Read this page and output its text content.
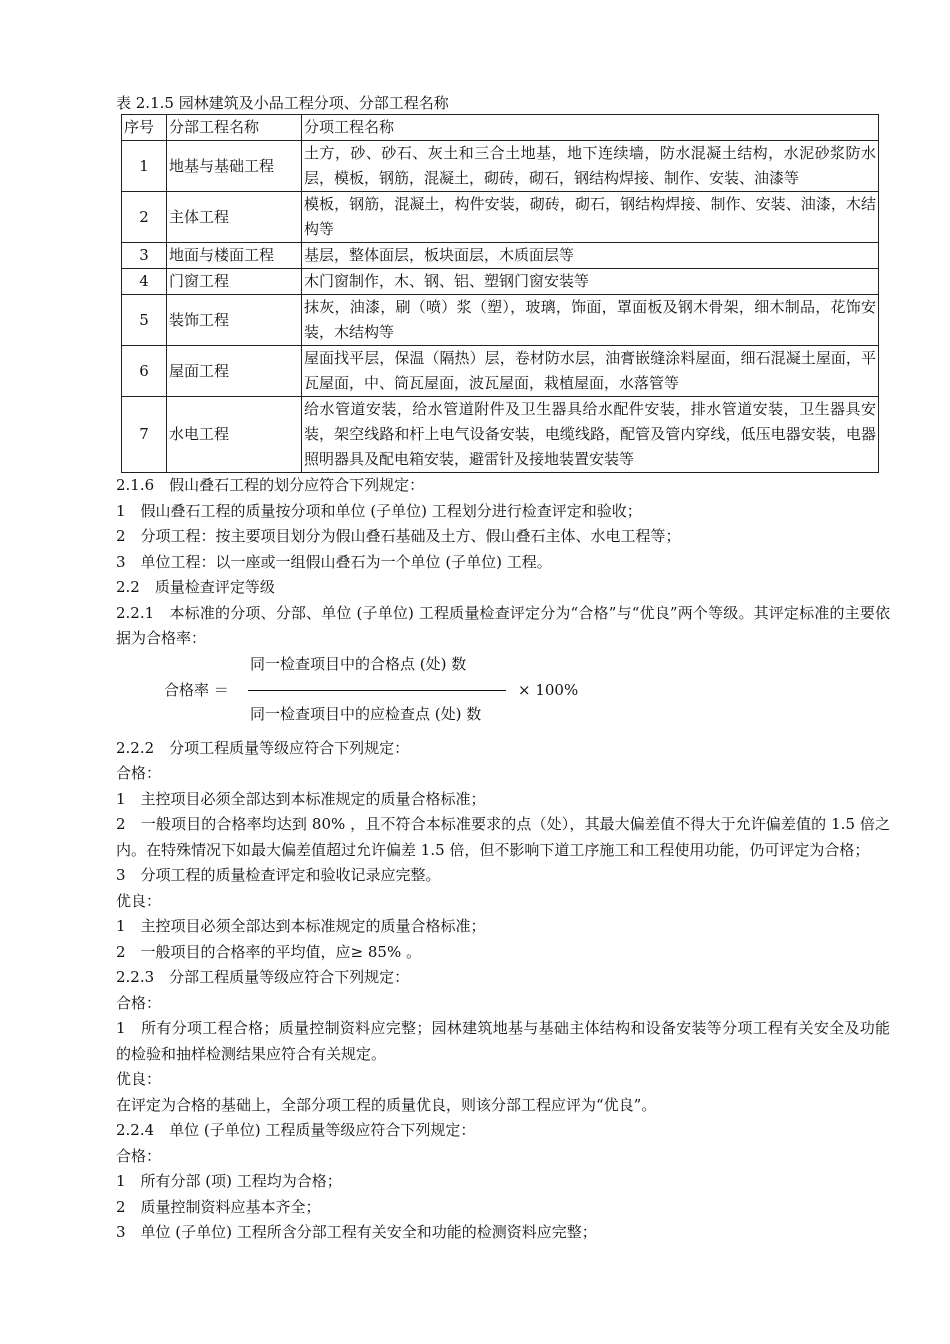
表 2.1.5 园林建筑及小品工程分项、分部工程名称
序号	分部工程名称	分项工程名称
1	地基与基础工程	土方，砂、砂石、灰土和三合土地基，地下连续墙，防水混凝土结构，水泥砂浆防水层，模板，钢筋，混凝土，砌砖，砌石，钢结构焊接、制作、安装、油漆等
2	主体工程	模板，钢筋，混凝土，构件安装，砌砖，砌石，钢结构焊接、制作、安装、油漆，木结构等
3	地面与楼面工程	基层，整体面层，板块面层，木质面层等
4	门窗工程	木门窗制作，木、钢、铝、塑钢门窗安装等
5	装饰工程	抹灰，油漆，刷（喷）浆（塑），玻璃，饰面，罩面板及钢木骨架，细木制品，花饰安装，木结构等
6	屋面工程	屋面找平层，保温（隔热）层，卷材防水层，油膏嵌缝涂料屋面，细石混凝土屋面，平瓦屋面，中、筒瓦屋面，波瓦屋面，栽植屋面，水落管等
7	水电工程	给水管道安装，给水管道附件及卫生器具给水配件安装，排水管道安装，卫生器具安装，架空线路和杆上电气设备安装，电缆线路，配管及管内穿线，低压电器安装，电器照明器具及配电箱安装，避雷针及接地装置安装等

2.1.6　假山叠石工程的划分应符合下列规定：

1　假山叠石工程的质量按分项和单位 (子单位) 工程划分进行检查评定和验收；

2　分项工程：按主要项目划分为假山叠石基础及土方、假山叠石主体、水电工程等；

3　单位工程：以一座或一组假山叠石为一个单位 (子单位) 工程。

2.2　质量检查评定等级

2.2.1　本标准的分项、分部、单位 (子单位) 工程质量检查评定分为“合格”与“优良”两个等级。其评定标准的主要依据为合格率：

合格率 ＝
同一检查项目中的合格点 (处) 数
同一检查项目中的应检查点 (处) 数
× 100%

2.2.2　分项工程质量等级应符合下列规定：

合格：

1　主控项目必须全部达到本标准规定的质量合格标准；

2　一般项目的合格率均达到 80% ，且不符合本标准要求的点（处），其最大偏差值不得大于允许偏差值的 1.5 倍之内。在特殊情况下如最大偏差值超过允许偏差 1.5 倍，但不影响下道工序施工和工程使用功能，仍可评定为合格；

3　分项工程的质量检查评定和验收记录应完整。

优良：

1　主控项目必须全部达到本标准规定的质量合格标准；

2　一般项目的合格率的平均值，应≥ 85% 。

2.2.3　分部工程质量等级应符合下列规定：

合格：

1　所有分项工程合格；质量控制资料应完整；园林建筑地基与基础主体结构和设备安装等分项工程有关安全及功能的检验和抽样检测结果应符合有关规定。

优良：

在评定为合格的基础上，全部分项工程的质量优良，则该分部工程应评为“优良”。

2.2.4　单位 (子单位) 工程质量等级应符合下列规定：

合格：

1　所有分部 (项) 工程均为合格；

2　质量控制资料应基本齐全；

3　单位 (子单位) 工程所含分部工程有关安全和功能的检测资料应完整；
